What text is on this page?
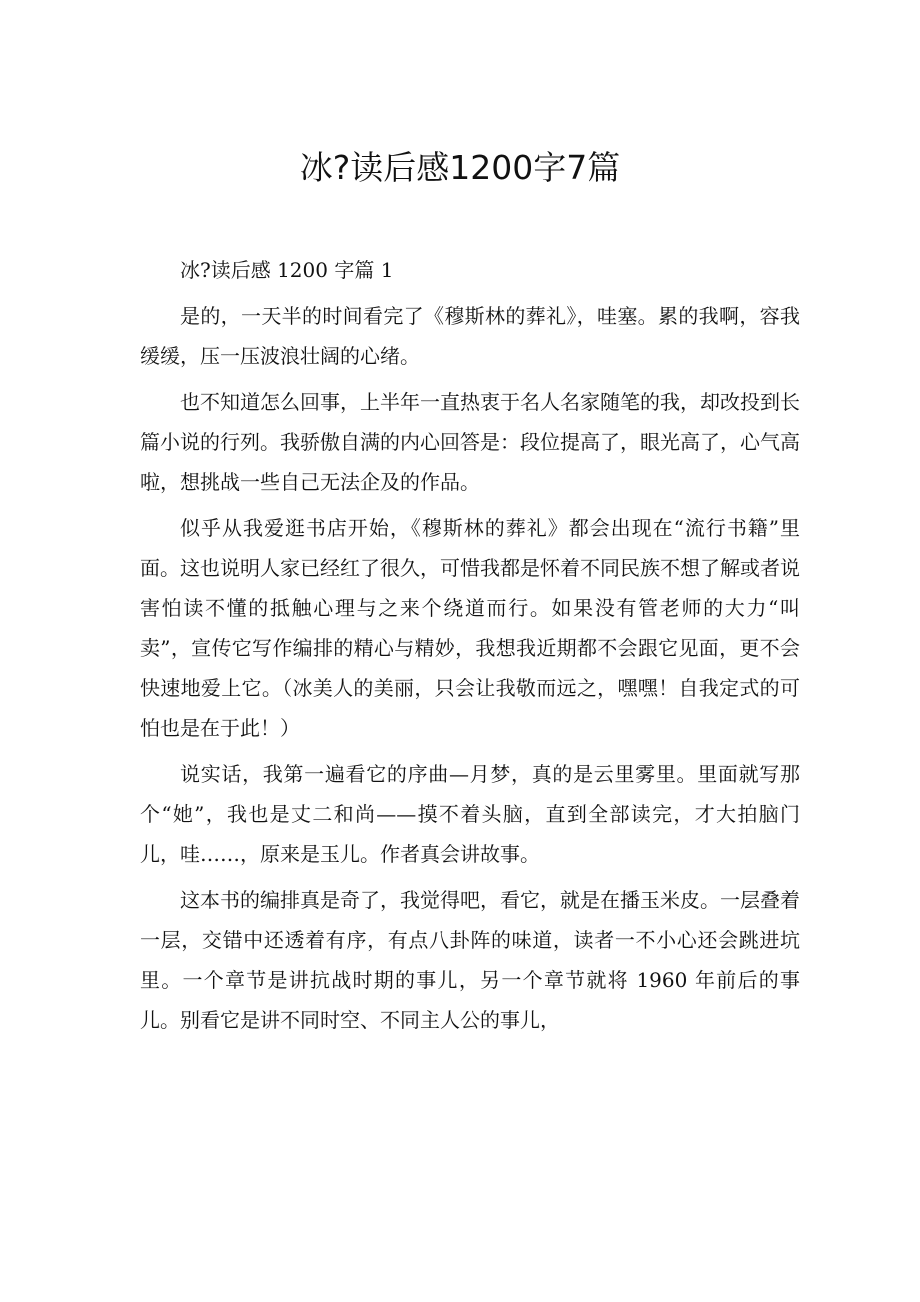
冰?读后感1200字7篇

冰?读后感 1200 字篇 1

是的，一天半的时间看完了《穆斯林的葬礼》，哇塞。累的我啊，容我缓缓，压一压波浪壮阔的心绪。

也不知道怎么回事，上半年一直热衷于名人名家随笔的我，却改投到长篇小说的行列。我骄傲自满的内心回答是：段位提高了，眼光高了，心气高啦，想挑战一些自己无法企及的作品。

似乎从我爱逛书店开始，《穆斯林的葬礼》都会出现在“流行书籍”里面。这也说明人家已经红了很久，可惜我都是怀着不同民族不想了解或者说害怕读不懂的抵触心理与之来个绕道而行。如果没有管老师的大力“叫卖”，宣传它写作编排的精心与精妙，我想我近期都不会跟它见面，更不会快速地爱上它。（冰美人的美丽，只会让我敬而远之，嘿嘿！自我定式的可怕也是在于此！）

说实话，我第一遍看它的序曲—月梦，真的是云里雾里。里面就写那个“她”，我也是丈二和尚——摸不着头脑，直到全部读完，才大拍脑门儿，哇……，原来是玉儿。作者真会讲故事。

这本书的编排真是奇了，我觉得吧，看它，就是在播玉米皮。一层叠着一层，交错中还透着有序，有点八卦阵的味道，读者一不小心还会跳进坑里。一个章节是讲抗战时期的事儿，另一个章节就将 1960 年前后的事儿。别看它是讲不同时空、不同主人公的事儿，
